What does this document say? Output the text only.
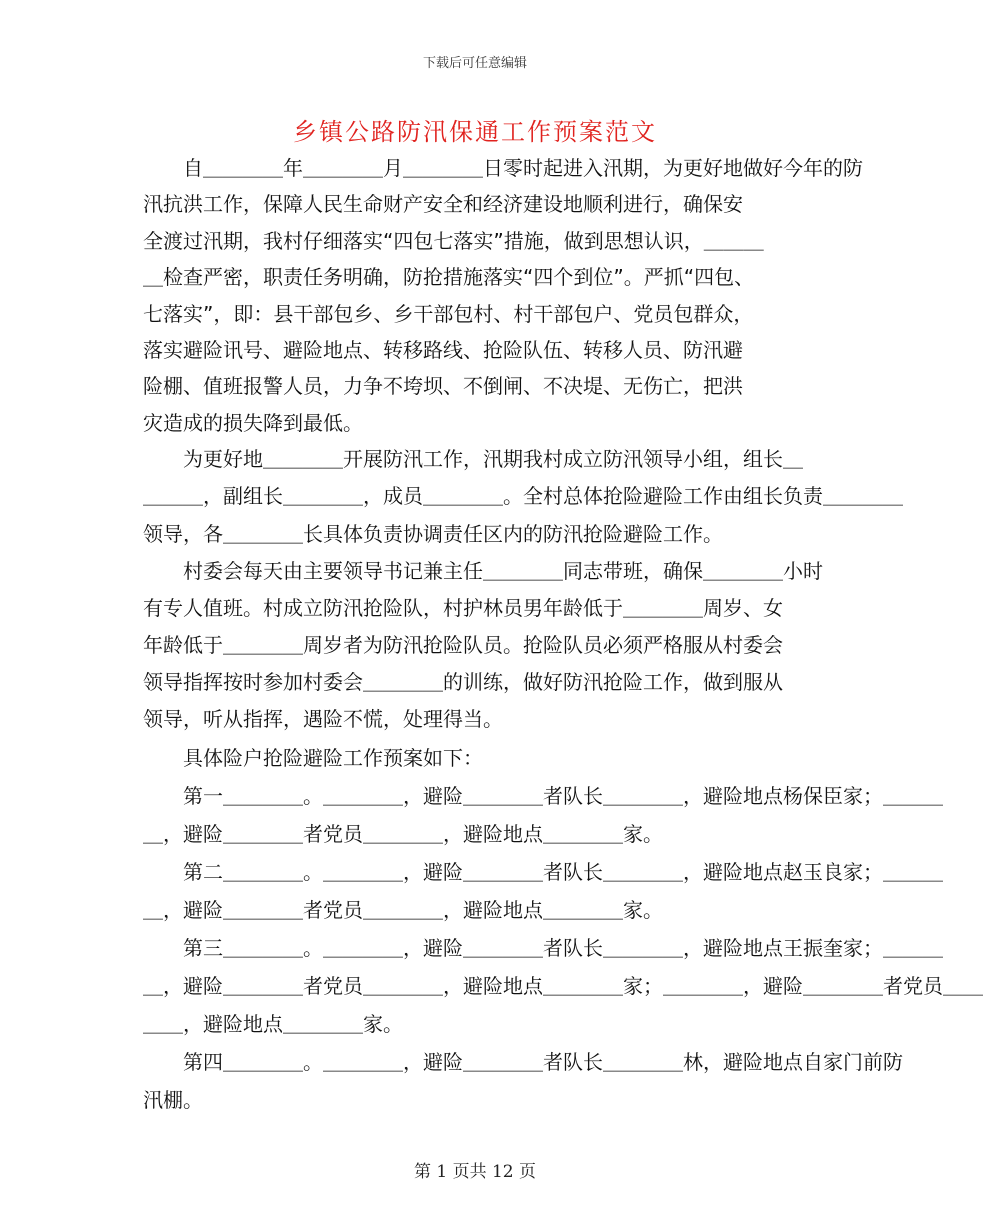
下载后可任意编辑
乡镇公路防汛保通工作预案范文
　　自＿＿＿＿年＿＿＿＿月＿＿＿＿日零时起进入汛期，为更好地做好今年的防
汛抗洪工作，保障人民生命财产安全和经济建设地顺利进行，确保安
全渡过汛期，我村仔细落实“四包七落实”措施，做到思想认识，＿＿＿
＿检查严密，职责任务明确，防抢措施落实“四个到位”。严抓“四包、
七落实”，即：县干部包乡、乡干部包村、村干部包户、党员包群众，
落实避险讯号、避险地点、转移路线、抢险队伍、转移人员、防汛避
险棚、值班报警人员，力争不垮坝、不倒闸、不决堤、无伤亡，把洪
灾造成的损失降到最低。
　　为更好地＿＿＿＿开展防汛工作，汛期我村成立防汛领导小组，组长＿
＿＿＿，副组长＿＿＿＿，成员＿＿＿＿。全村总体抢险避险工作由组长负责＿＿＿＿
领导，各＿＿＿＿长具体负责协调责任区内的防汛抢险避险工作。
　　村委会每天由主要领导书记兼主任＿＿＿＿同志带班，确保＿＿＿＿小时
有专人值班。村成立防汛抢险队，村护林员男年龄低于＿＿＿＿周岁、女
年龄低于＿＿＿＿周岁者为防汛抢险队员。抢险队员必须严格服从村委会
领导指挥按时参加村委会＿＿＿＿的训练，做好防汛抢险工作，做到服从
领导，听从指挥，遇险不慌，处理得当。
　　具体险户抢险避险工作预案如下：
　　第一＿＿＿＿。＿＿＿＿，避险＿＿＿＿者队长＿＿＿＿，避险地点杨保臣家；＿＿＿
＿，避险＿＿＿＿者党员＿＿＿＿，避险地点＿＿＿＿家。
　　第二＿＿＿＿。＿＿＿＿，避险＿＿＿＿者队长＿＿＿＿，避险地点赵玉良家；＿＿＿
＿，避险＿＿＿＿者党员＿＿＿＿，避险地点＿＿＿＿家。
　　第三＿＿＿＿。＿＿＿＿，避险＿＿＿＿者队长＿＿＿＿，避险地点王振奎家；＿＿＿
＿，避险＿＿＿＿者党员＿＿＿＿，避险地点＿＿＿＿家；＿＿＿＿，避险＿＿＿＿者党员＿＿
＿＿，避险地点＿＿＿＿家。
　　第四＿＿＿＿。＿＿＿＿，避险＿＿＿＿者队长＿＿＿＿林，避险地点自家门前防
汛棚。
第 1 页共 12 页
